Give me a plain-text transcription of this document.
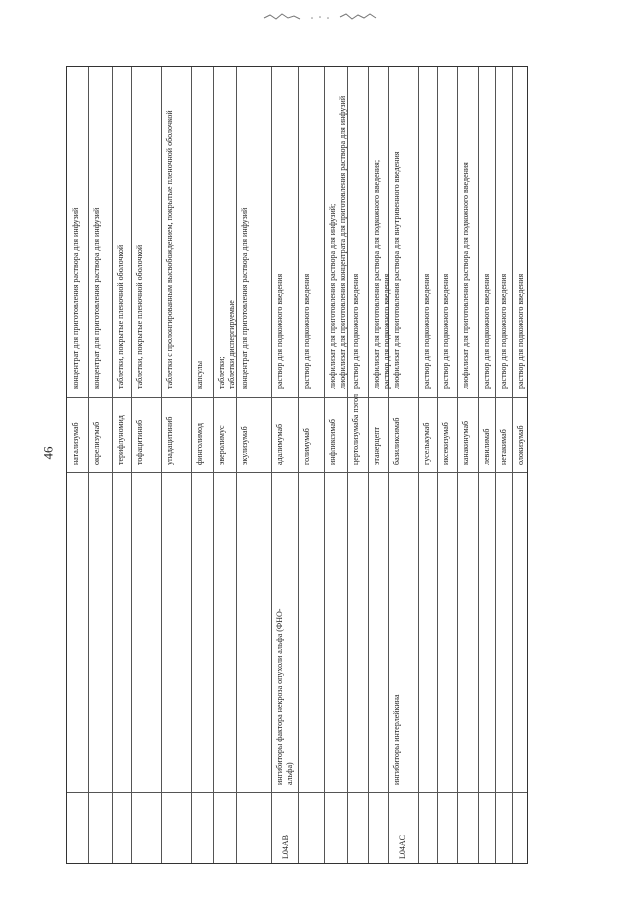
46
концентрат для приготовления раствора для инфузий
натализумаб
концентрат для приготовления раствора для инфузий
окрелизумаб
таблетки, покрытые пленочной оболочкой
терифлуномид
таблетки, покрытые пленочной оболочкой
тофацитиниб
таблетки с пролонгированным высвобождением, покрытые пленочной оболочкой
упадацитиниб
капсулы
финголимод
таблетки; таблетки диспергируемые
эверолимус
концентрат для приготовления раствора для инфузий
экулизумаб
раствор для подкожного введения
адалимумаб
ингибиторы фактора некроза опухоли альфа (ФНО- альфа)
L04AB
раствор для подкожного введения
голимумаб
лиофилизат для приготовления раствора для инфузий; лиофилизат для приготовления концентрата для приготовления раствора для инфузий
инфликсимаб
раствор для подкожного введения
цертолизумаба пэгол
лиофилизат для приготовления раствора для подкожного введения; раствор для подкожного введения
этанерцепт
лиофилизат для приготовления раствора для внутривенного введения
базиликсимаб
ингибиторы интерлейкина
L04AC
раствор для подкожного введения
гуселькумаб
раствор для подкожного введения
иксекизумаб
лиофилизат для приготовления раствора для подкожного введения
канакинумаб
раствор для подкожного введения
левилимаб
раствор для подкожного введения
нетакимаб
раствор для подкожного введения
олокизумаб
